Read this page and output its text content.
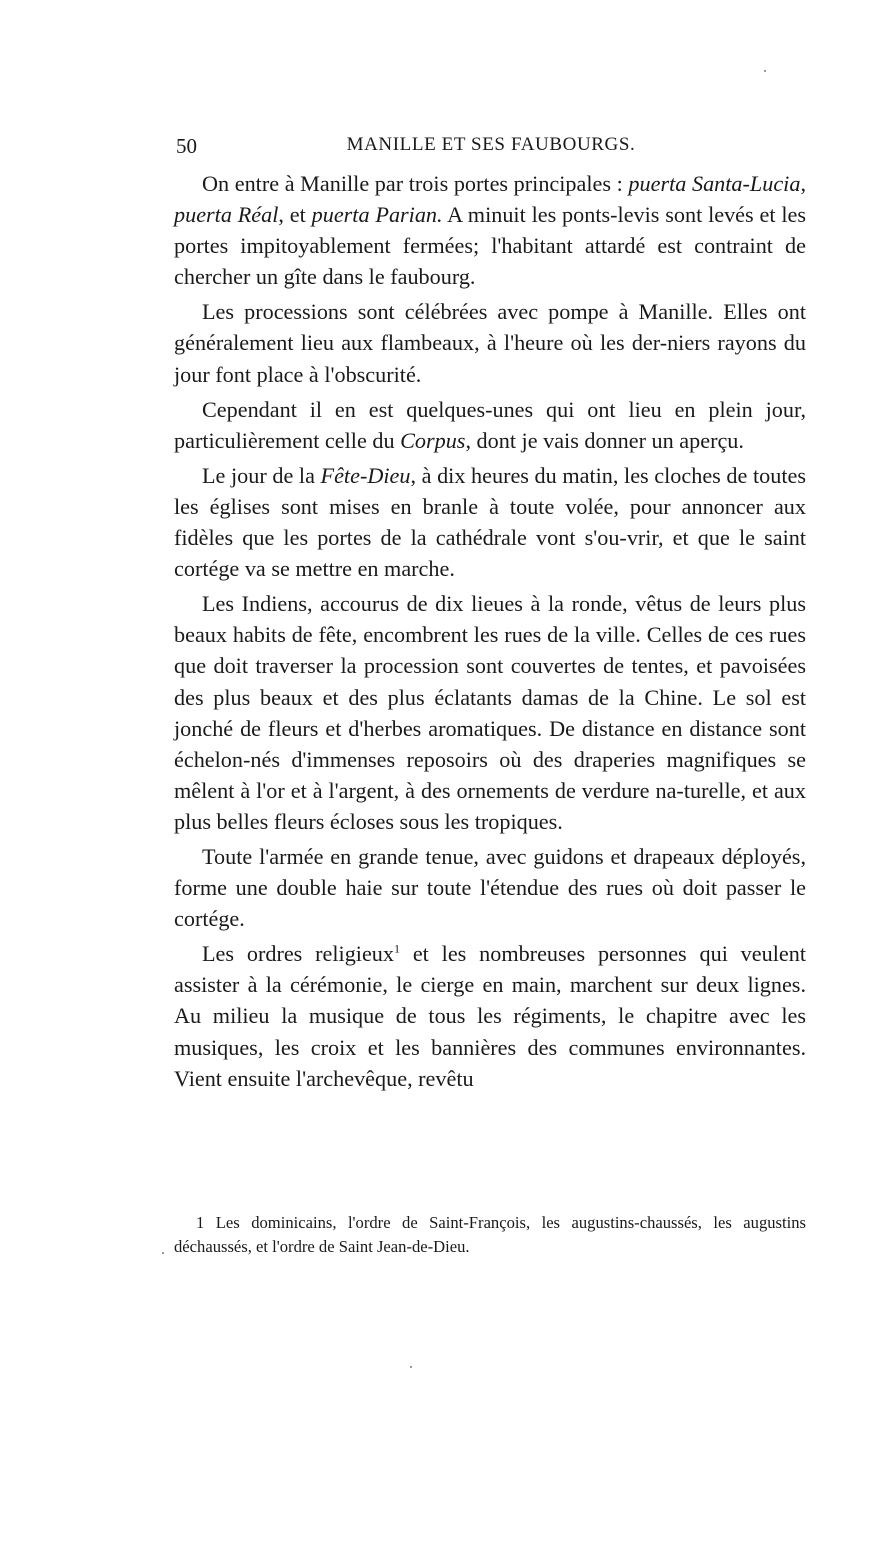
50	MANILLE ET SES FAUBOURGS.

On entre à Manille par trois portes principales : puerta Santa-Lucia, puerta Réal, et puerta Parian. A minuit les ponts-levis sont levés et les portes impitoyablement fermées; l'habitant attardé est contraint de chercher un gîte dans le faubourg.

Les processions sont célébrées avec pompe à Manille. Elles ont généralement lieu aux flambeaux, à l'heure où les der-niers rayons du jour font place à l'obscurité.

Cependant il en est quelques-unes qui ont lieu en plein jour, particulièrement celle du Corpus, dont je vais donner un aperçu.

Le jour de la Fête-Dieu, à dix heures du matin, les cloches de toutes les églises sont mises en branle à toute volée, pour annoncer aux fidèles que les portes de la cathédrale vont s'ou-vrir, et que le saint cortége va se mettre en marche.

Les Indiens, accourus de dix lieues à la ronde, vêtus de leurs plus beaux habits de fête, encombrent les rues de la ville. Celles de ces rues que doit traverser la procession sont couvertes de tentes, et pavoisées des plus beaux et des plus éclatants damas de la Chine. Le sol est jonché de fleurs et d'herbes aromatiques. De distance en distance sont échelon-nés d'immenses reposoirs où des draperies magnifiques se mêlent à l'or et à l'argent, à des ornements de verdure na-turelle, et aux plus belles fleurs écloses sous les tropiques.

Toute l'armée en grande tenue, avec guidons et drapeaux déployés, forme une double haie sur toute l'étendue des rues où doit passer le cortége.

Les ordres religieux$^1$ et les nombreuses personnes qui veulent assister à la cérémonie, le cierge en main, marchent sur deux lignes. Au milieu la musique de tous les régiments, le chapitre avec les musiques, les croix et les bannières des communes environnantes. Vient ensuite l'archevêque, revêtu

1 Les dominicains, l'ordre de Saint-François, les augustins-chaussés, les augustins déchaussés, et l'ordre de Saint Jean-de-Dieu.
